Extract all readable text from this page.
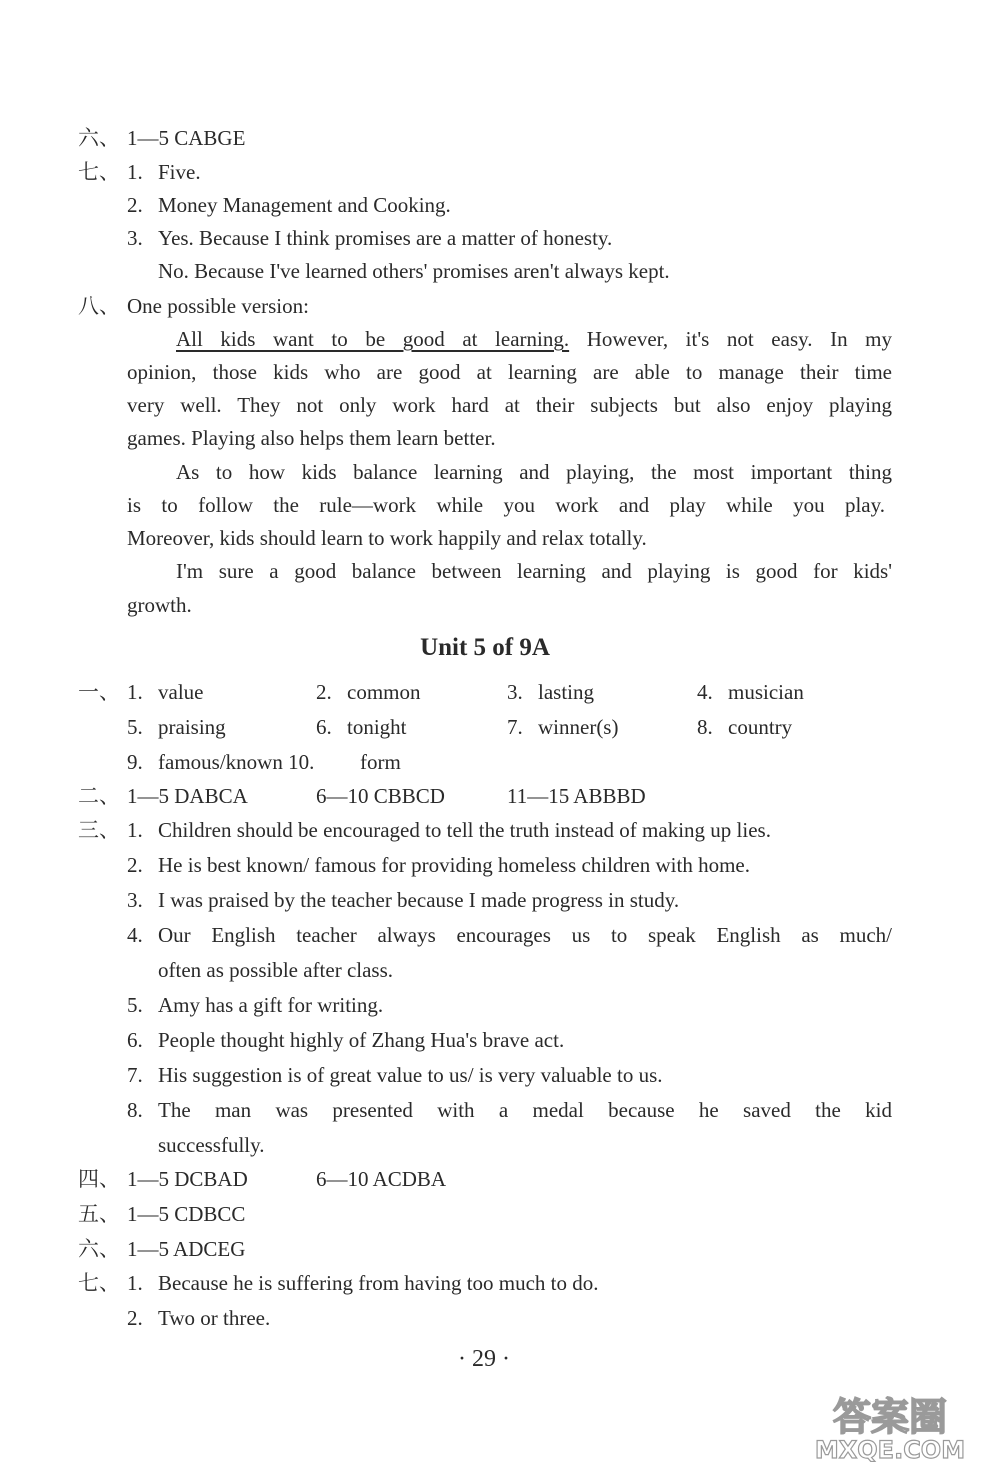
六、 1—5 CABGE
七、 1. Five.
2. Money Management and Cooking.
3. Yes. Because I think promises are a matter of honesty.
No. Because I've learned others' promises aren't always kept.
八、 One possible version:
All kids want to be good at learning. However, it's not easy. In my
opinion, those kids who are good at learning are able to manage their time
very well. They not only work hard at their subjects but also enjoy playing
games. Playing also helps them learn better.
As to how kids balance learning and playing, the most important thing
is to follow the rule—work while you work and play while you play.
Moreover, kids should learn to work happily and relax totally.
I'm sure a good balance between learning and playing is good for kids'
growth.
Unit 5 of 9A
一、 1. value	2. common	3. lasting	4. musician
5. praising	6. tonight	7. winner(s)	8. country
9. famous/known 10. form
二、 1—5 DABCA	6—10 CBBCD	11—15 ABBBD
三、 1. Children should be encouraged to tell the truth instead of making up lies.
2. He is best known/ famous for providing homeless children with home.
3. I was praised by the teacher because I made progress in study.
4. Our English teacher always encourages us to speak English as much/
often as possible after class.
5. Amy has a gift for writing.
6. People thought highly of Zhang Hua's brave act.
7. His suggestion is of great value to us/ is very valuable to us.
8. The man was presented with a medal because he saved the kid
successfully.
四、 1—5 DCBAD	6—10 ACDBA
五、 1—5 CDBCC
六、 1—5 ADCEG
七、 1. Because he is suffering from having too much to do.
2. Two or three.
· 29 ·
答案圈
MXQE.COM
